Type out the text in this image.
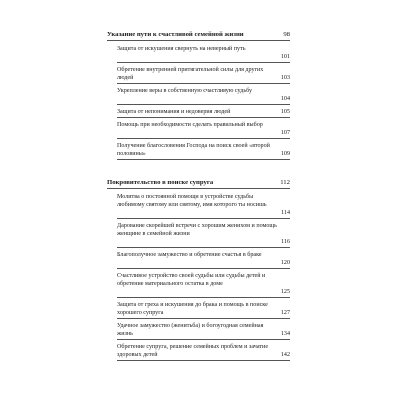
Указание пути к счастливой семейной жизни	98
Защита от искушения свернуть на неверный путь
101
Обретение внутренней притягательной силы для других людей	103
Укрепление веры в собственную счастливую судьбу
104
Защита от непонимания и недоверия людей	105
Помощь при необходимости сделать правильный выбор
107
Получение благословения Господа на поиск своей «второй половины»	109
Покровительство в поиске супруга	112
Молитва о постоянной помощи в устройстве судьбы любимому святому или святому, имя которого ты носишь
114
Дарование скорейшей встречи с хорошим женихом и помощь женщине в семейной жизни
116
Благополучное замужество и обретение счастья в браке
120
Счастливое устройство своей судьбы или судьбы детей и обретение материального остатка в доме
125
Защита от греха и искушения до брака и помощь в поиске хорошего супруга	127
Удачное замужество (женитьба) и богоугодная семейная жизнь	134
Обретение супруга, решение семейных проблем и зачатие здоровых детей	142
